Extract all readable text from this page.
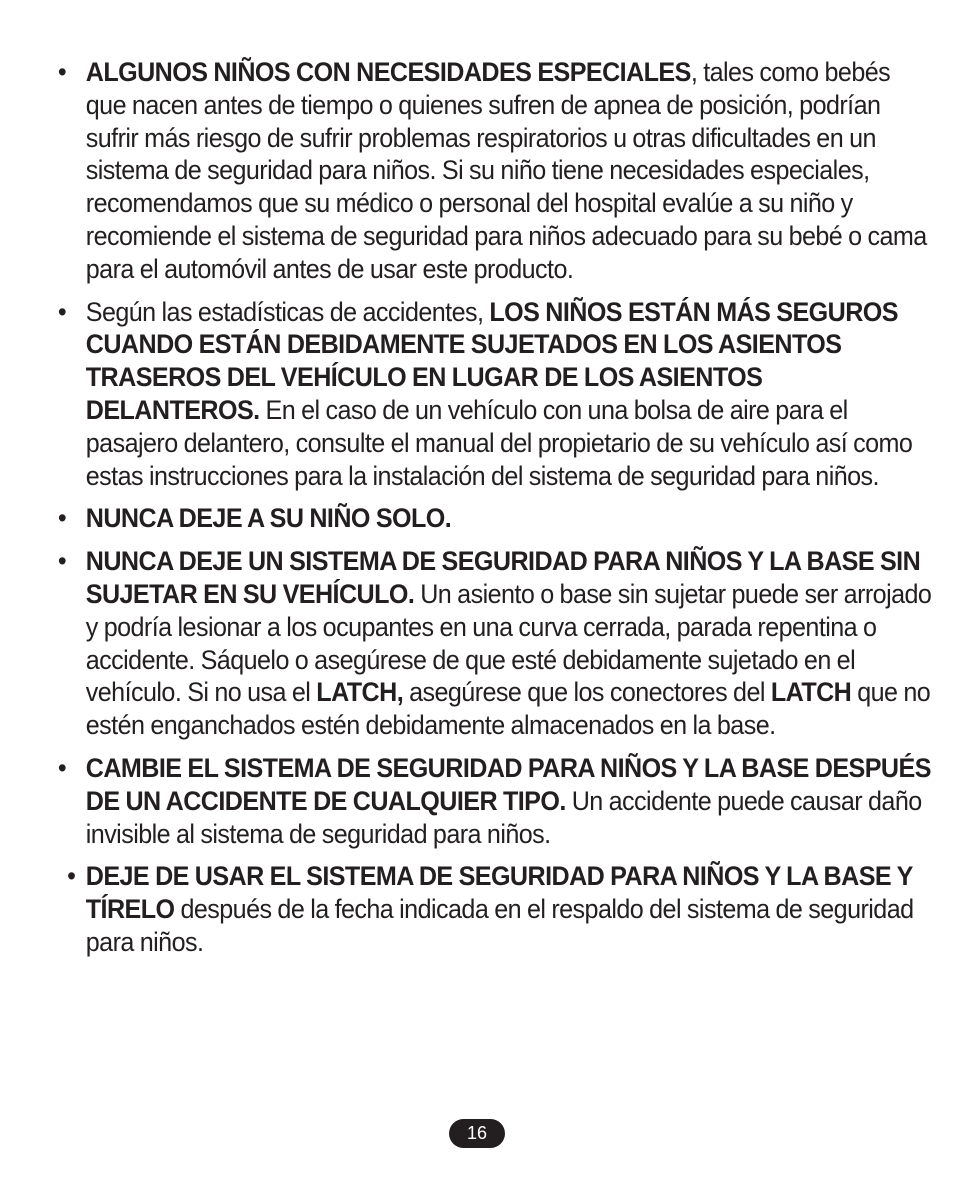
• ALGUNOS NIÑOS CON NECESIDADES ESPECIALES, tales como bebés que nacen antes de tiempo o quienes sufren de apnea de posición, podrían sufrir más riesgo de sufrir problemas respiratorios u otras dificultades en un sistema de seguridad para niños. Si su niño tiene necesidades especiales, recomendamos que su médico o personal del hospital evalúe a su niño y recomiende el sistema de seguridad para niños adecuado para su bebé o cama para el automóvil antes de usar este producto.
• Según las estadísticas de accidentes, LOS NIÑOS ESTÁN MÁS SEGUROS CUANDO ESTÁN DEBIDAMENTE SUJETADOS EN LOS ASIENTOS TRASEROS DEL VEHÍCULO EN LUGAR DE LOS ASIENTOS DELANTEROS. En el caso de un vehículo con una bolsa de aire para el pasajero delantero, consulte el manual del propietario de su vehículo así como estas instrucciones para la instalación del sistema de seguridad para niños.
• NUNCA DEJE A SU NIÑO SOLO.
• NUNCA DEJE UN SISTEMA DE SEGURIDAD PARA NIÑOS Y LA BASE SIN SUJETAR EN SU VEHÍCULO. Un asiento o base sin sujetar puede ser arrojado y podría lesionar a los ocupantes en una curva cerrada, parada repentina o accidente. Sáquelo o asegúrese de que esté debidamente sujetado en el vehículo. Si no usa el LATCH, asegúrese que los conectores del LATCH que no estén enganchados estén debidamente almacenados en la base.
• CAMBIE EL SISTEMA DE SEGURIDAD PARA NIÑOS Y LA BASE DESPUÉS DE UN ACCIDENTE DE CUALQUIER TIPO. Un accidente puede causar daño invisible al sistema de seguridad para niños.
• DEJE DE USAR EL SISTEMA DE SEGURIDAD PARA NIÑOS Y LA BASE Y TÍRELO después de la fecha indicada en el respaldo del sistema de seguridad para niños.
16
